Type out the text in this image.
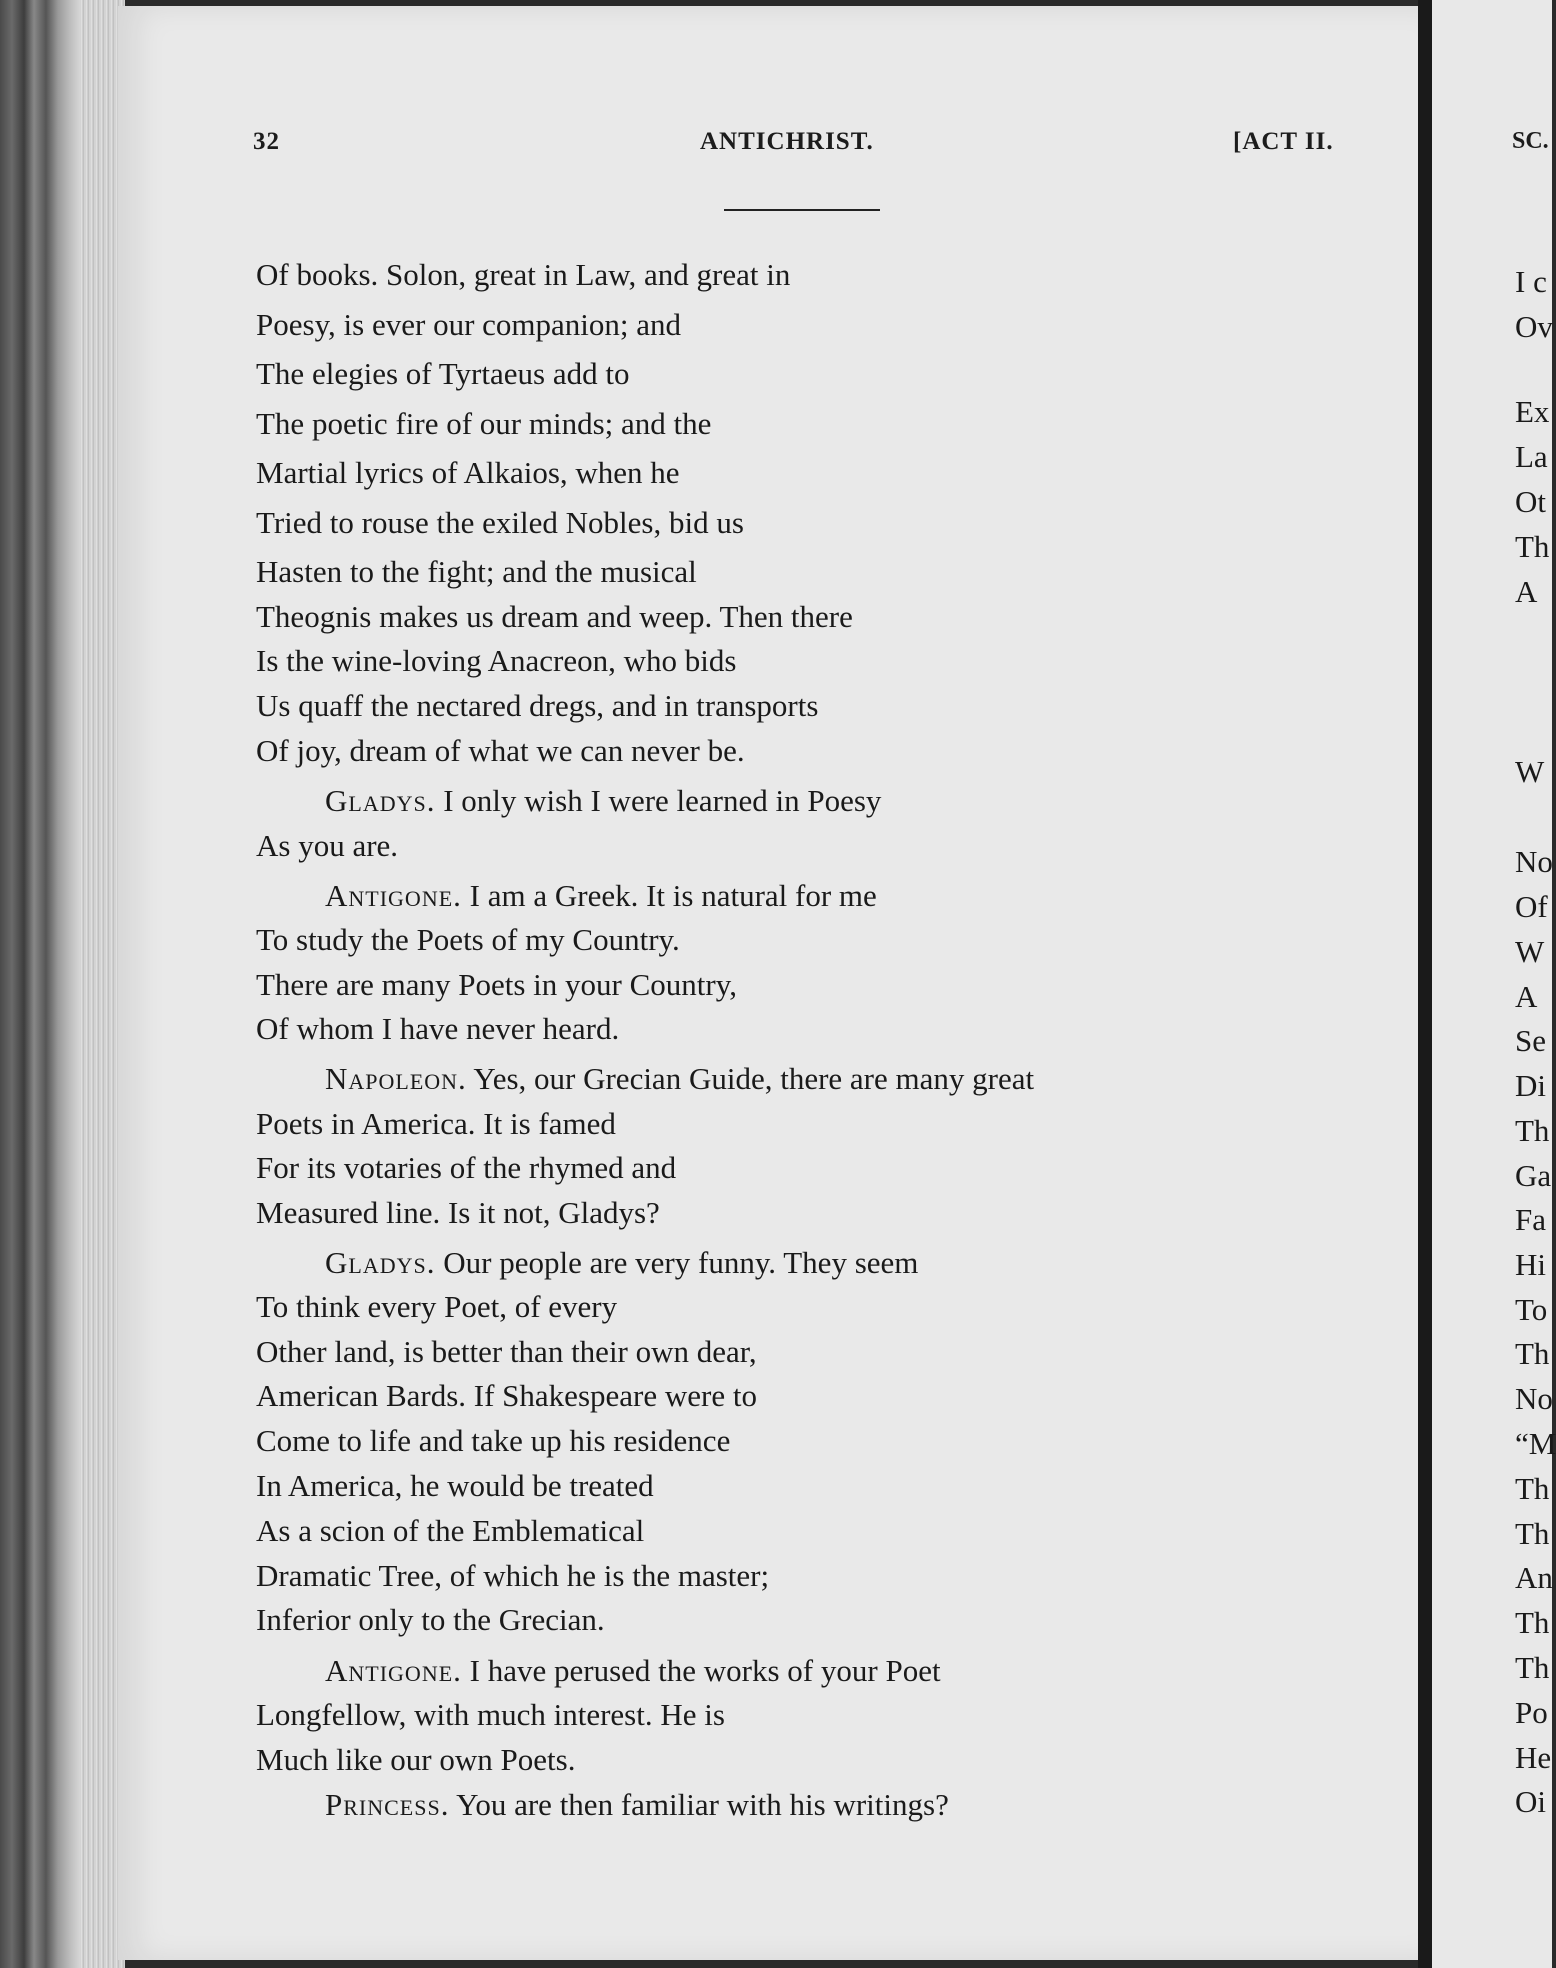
32	ANTICHRIST.	[ACT II.
Of books. Solon, great in Law, and great in
Poesy, is ever our companion; and
The elegies of Tyrtaeus add to
The poetic fire of our minds; and the
Martial lyrics of Alkaios, when he
Tried to rouse the exiled Nobles, bid us
Hasten to the fight; and the musical
Theognis makes us dream and weep. Then there
Is the wine-loving Anacreon, who bids
Us quaff the nectared dregs, and in transports
Of joy, dream of what we can never be.
Gladys. I only wish I were learned in Poesy
As you are.
Antigone. I am a Greek. It is natural for me
To study the Poets of my Country.
There are many Poets in your Country,
Of whom I have never heard.
Napoleon. Yes, our Grecian Guide, there are many great
Poets in America. It is famed
For its votaries of the rhymed and
Measured line. Is it not, Gladys?
Gladys. Our people are very funny. They seem
To think every Poet, of every
Other land, is better than their own dear,
American Bards. If Shakespeare were to
Come to life and take up his residence
In America, he would be treated
As a scion of the Emblematical
Dramatic Tree, of which he is the master;
Inferior only to the Grecian.
Antigone. I have perused the works of your Poet
Longfellow, with much interest. He is
Much like our own Poets.
Princess. You are then familiar with his writings?
SC.
I c
Ov
Ex
La
Ot
Th
A
W
No
Of
W
A
Se
Di
Th
Ga
Fa
Hi
To
Th
No
“M
Th
Th
An
Th
Th
Po
He
Oi
